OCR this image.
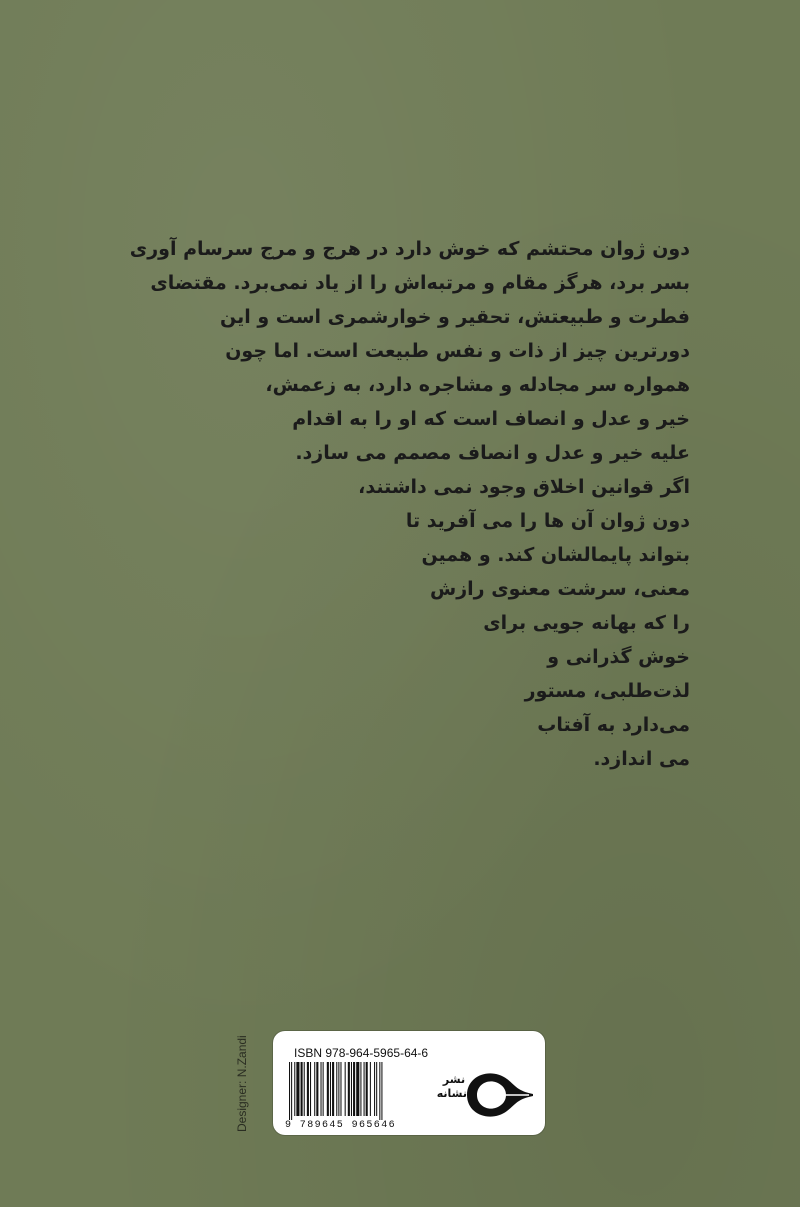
دون ژوان محتشم که خوش دارد در هرج و مرج سرسام آوری
بسر برد، هرگز مقام و مرتبه‌اش را از یاد نمی‌برد. مقتضای
فطرت و طبیعتش، تحقیر و خوارشمری است و این
دورترین چیز از ذات و نفس طبیعت است. اما چون
همواره سر مجادله و مشاجره دارد، به زعمش،
خیر و عدل و انصاف است که او را به اقدام
علیه خیر و عدل و انصاف مصمم می سازد.
اگر قوانین اخلاق وجود نمی داشتند،
دون ژوان آن ها را می آفرید تا
بتواند پایمالشان کند. و همین
معنی، سرشت معنوی رازش
را که بهانه جویی برای
خوش گذرانی و
لذت‌طلبی، مستور
می‌دارد به آفتاب
می اندازد.
Designer: N.Zandi	ISBN 978-964-5965-64-6
9 789645 965646
نشر
نشانه
